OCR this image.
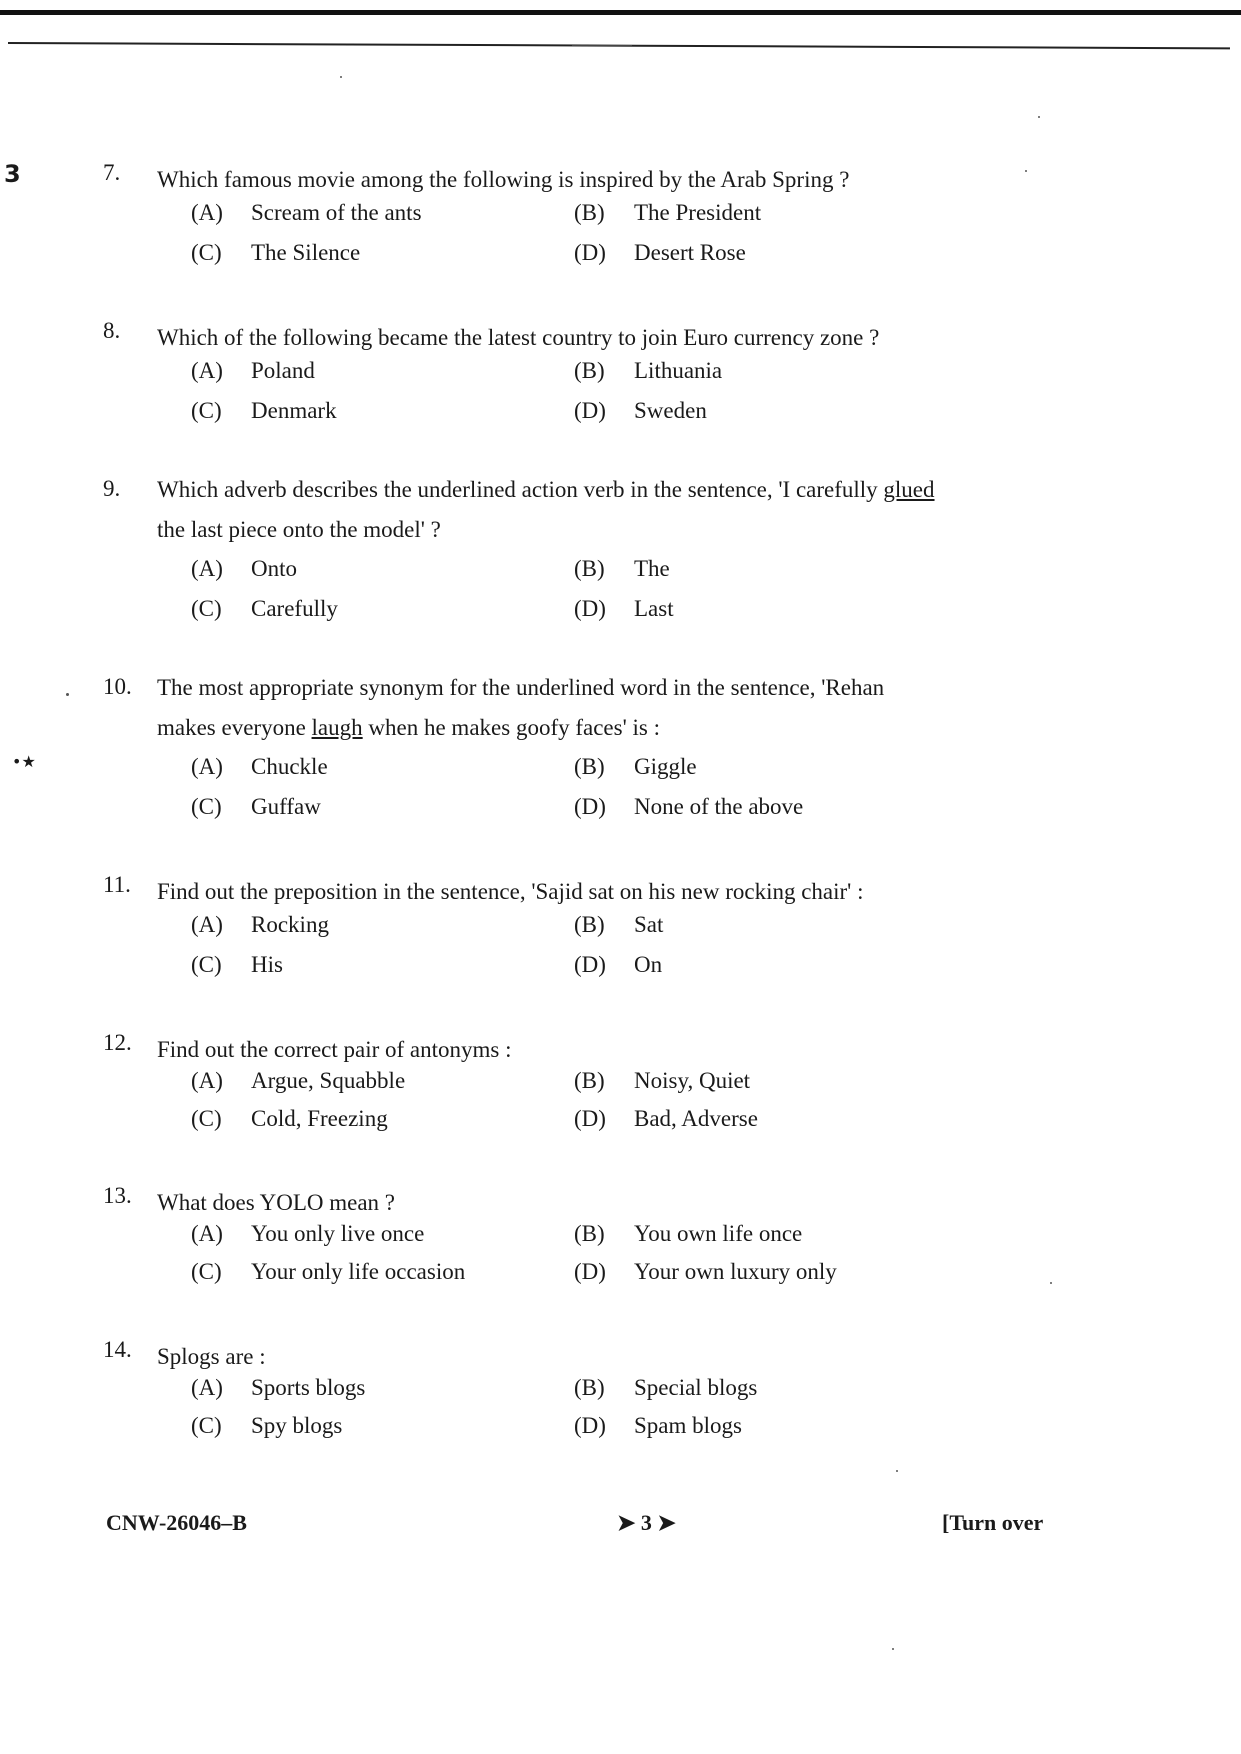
3
•★
7. Which famous movie among the following is inspired by the Arab Spring ?
(A) Scream of the ants	(B) The President
(C) The Silence	(D) Desert Rose
8. Which of the following became the latest country to join Euro currency zone ?
(A) Poland	(B) Lithuania
(C) Denmark	(D) Sweden
9. Which adverb describes the underlined action verb in the sentence, 'I carefully glued the last piece onto the model' ?
(A) Onto	(B) The
(C) Carefully	(D) Last
10. The most appropriate synonym for the underlined word in the sentence, 'Rehan makes everyone laugh when he makes goofy faces' is :
(A) Chuckle	(B) Giggle
(C) Guffaw	(D) None of the above
11. Find out the preposition in the sentence, 'Sajid sat on his new rocking chair' :
(A) Rocking	(B) Sat
(C) His	(D) On
12. Find out the correct pair of antonyms :
(A) Argue, Squabble	(B) Noisy, Quiet
(C) Cold, Freezing	(D) Bad, Adverse
13. What does YOLO mean ?
(A) You only live once	(B) You own life once
(C) Your only life occasion	(D) Your own luxury only
14. Splogs are :
(A) Sports blogs	(B) Special blogs
(C) Spy blogs	(D) Spam blogs
CNW-26046–B	➤ 3 ➤	[Turn over
